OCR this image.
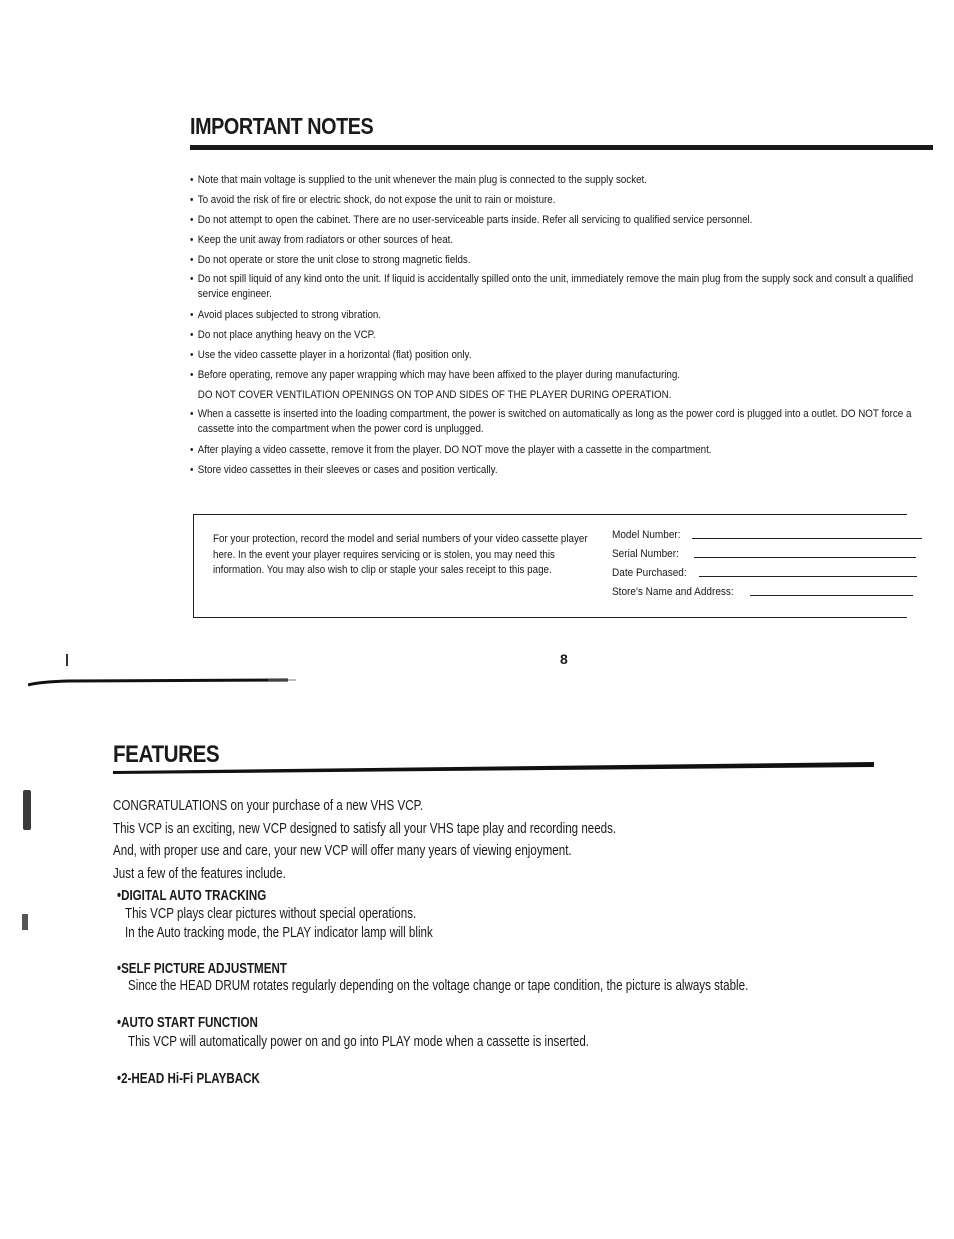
IMPORTANT NOTES
• Note that main voltage is supplied to the unit whenever the main plug is connected to the supply socket.
• To avoid the risk of fire or electric shock, do not expose the unit to rain or moisture.
• Do not attempt to open the cabinet. There are no user-serviceable parts inside. Refer all servicing to qualified service personnel.
• Keep the unit away from radiators or other sources of heat.
• Do not operate or store the unit close to strong magnetic fields.
• Do not spill liquid of any kind onto the unit. If liquid is accidentally spilled onto the unit, immediately remove the main plug from the supply sock and consult a qualified service engineer.
• Avoid places subjected to strong vibration.
• Do not place anything heavy on the VCP.
• Use the video cassette player in a horizontal (flat) position only.
• Before operating, remove any paper wrapping which may have been affixed to the player during manufacturing.
DO NOT COVER VENTILATION OPENINGS ON TOP AND SIDES OF THE PLAYER DURING OPERATION.
• When a cassette is inserted into the loading compartment, the power is switched on automatically as long as the power cord is plugged into a outlet. DO NOT force a cassette into the compartment when the power cord is unplugged.
• After playing a video cassette, remove it from the player. DO NOT move the player with a cassette in the compartment.
• Store video cassettes in their sleeves or cases and position vertically.
For your protection, record the model and serial numbers of your video cassette player here. In the event your player requires servicing or is stolen, you may need this information. You may also wish to clip or staple your sales receipt to this page.
Model Number:
Serial Number:
Date Purchased:
Store's Name and Address:
8
FEATURES
CONGRATULATIONS on your purchase of a new VHS VCP.
This VCP is an exciting, new VCP designed to satisfy all your VHS tape play and recording needs.
And, with proper use and care, your new VCP will offer many years of viewing enjoyment.
Just a few of the features include.
•DIGITAL AUTO TRACKING
This VCP plays clear pictures without special operations.
In the Auto tracking mode, the PLAY indicator lamp will blink
•SELF PICTURE ADJUSTMENT
Since the HEAD DRUM rotates regularly depending on the voltage change or tape condition, the picture is always stable.
•AUTO START FUNCTION
This VCP will automatically power on and go into PLAY mode when a cassette is inserted.
•2-HEAD Hi-Fi PLAYBACK
